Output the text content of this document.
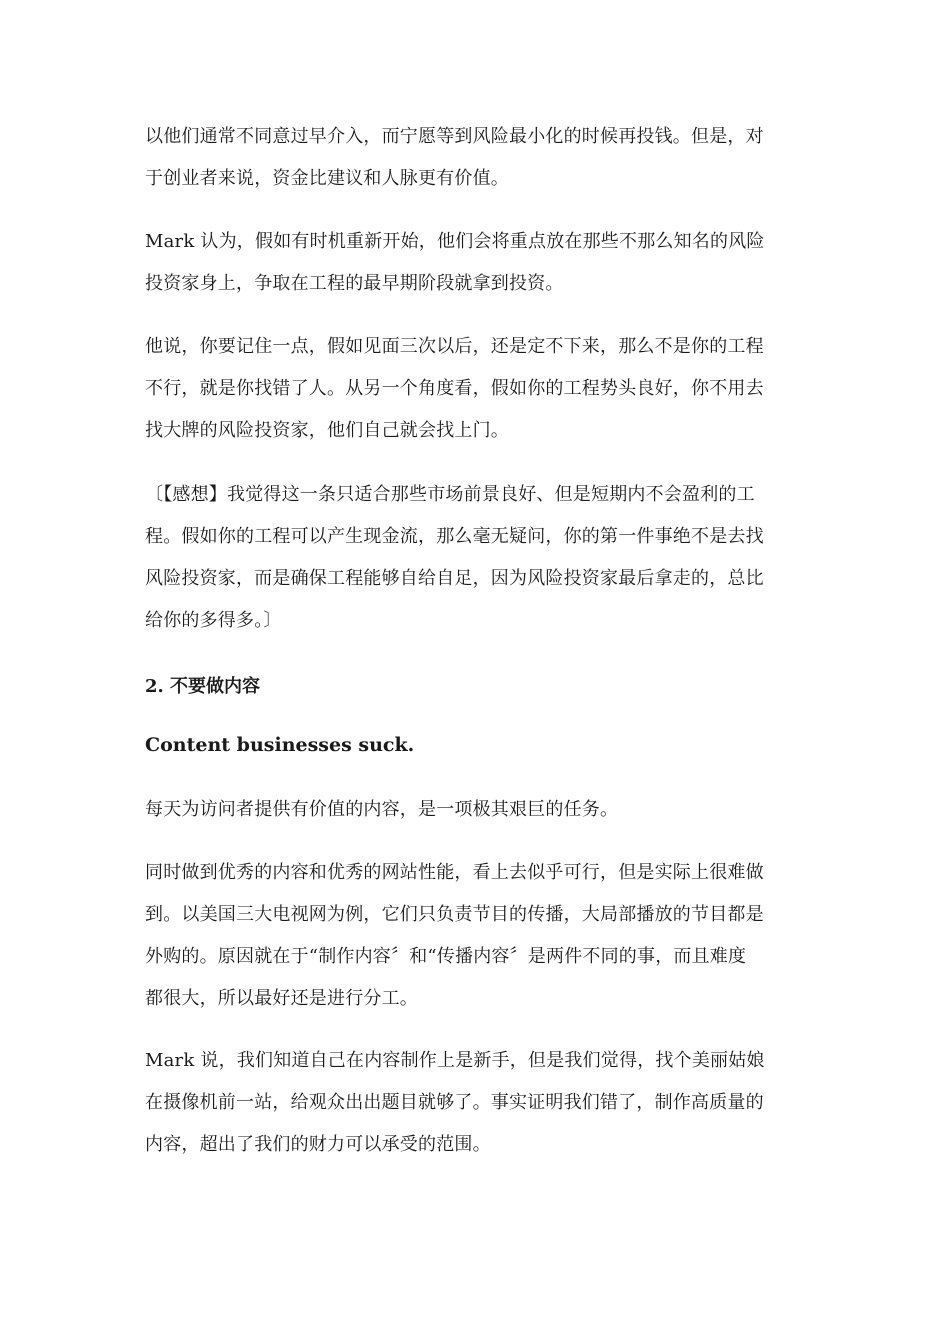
以他们通常不同意过早介入，而宁愿等到风险最小化的时候再投钱。但是，对
于创业者来说，资金比建议和人脉更有价值。

Mark 认为，假如有时机重新开始，他们会将重点放在那些不那么知名的风险
投资家身上，争取在工程的最早期阶段就拿到投资。

他说，你要记住一点，假如见面三次以后，还是定不下来，那么不是你的工程
不行，就是你找错了人。从另一个角度看，假如你的工程势头良好，你不用去
找大牌的风险投资家，他们自己就会找上门。

〔【感想】我觉得这一条只适合那些市场前景良好、但是短期内不会盈利的工
程。假如你的工程可以产生现金流，那么毫无疑问，你的第一件事绝不是去找
风险投资家，而是确保工程能够自给自足，因为风险投资家最后拿走的，总比
给你的多得多。〕

2. 不要做内容
Content businesses suck.

每天为访问者提供有价值的内容，是一项极其艰巨的任务。

同时做到优秀的内容和优秀的网站性能，看上去似乎可行，但是实际上很难做
到。以美国三大电视网为例，它们只负责节目的传播，大局部播放的节目都是
外购的。原因就在于“制作内容〞和“传播内容〞是两件不同的事，而且难度
都很大，所以最好还是进行分工。

Mark 说，我们知道自己在内容制作上是新手，但是我们觉得，找个美丽姑娘
在摄像机前一站，给观众出出题目就够了。事实证明我们错了，制作高质量的
内容，超出了我们的财力可以承受的范围。
